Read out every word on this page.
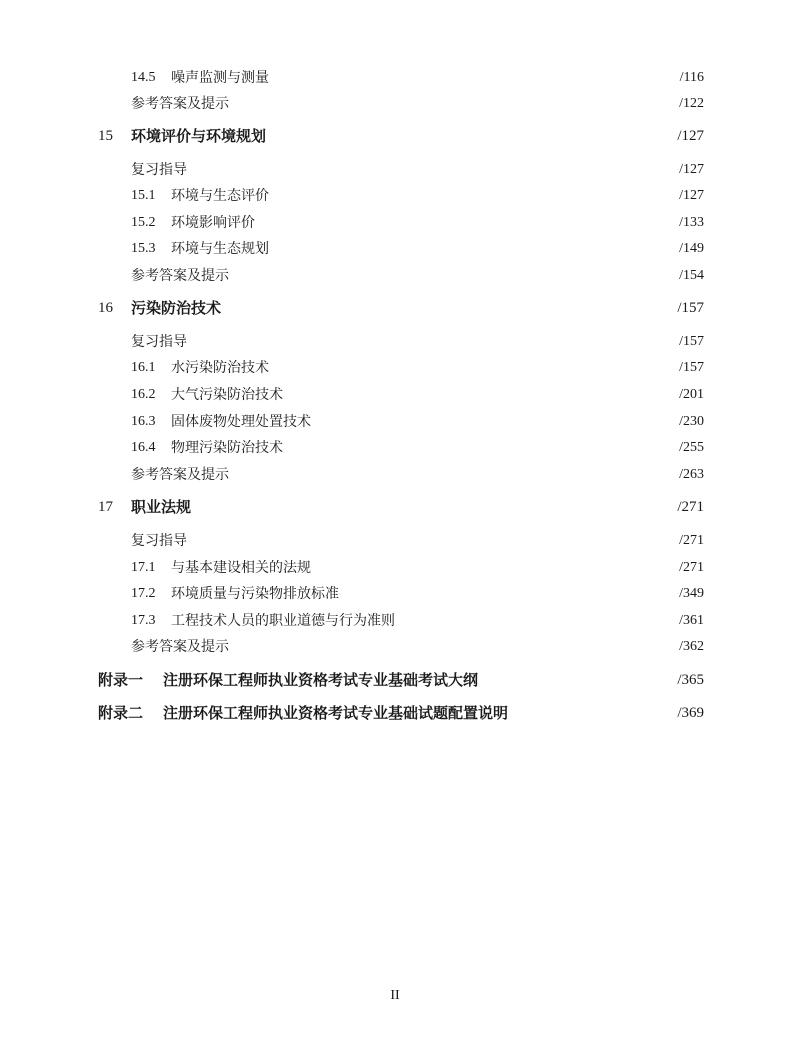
14.5 噪声监测与测量	/116
参考答案及提示	/122
15 环境评价与环境规划	/127
复习指导	/127
15.1 环境与生态评价	/127
15.2 环境影响评价	/133
15.3 环境与生态规划	/149
参考答案及提示	/154
16 污染防治技术	/157
复习指导	/157
16.1 水污染防治技术	/157
16.2 大气污染防治技术	/201
16.3 固体废物处理处置技术	/230
16.4 物理污染防治技术	/255
参考答案及提示	/263
17 职业法规	/271
复习指导	/271
17.1 与基本建设相关的法规	/271
17.2 环境质量与污染物排放标准	/349
17.3 工程技术人员的职业道德与行为准则	/361
参考答案及提示	/362
附录一 注册环保工程师执业资格考试专业基础考试大纲	/365
附录二 注册环保工程师执业资格考试专业基础试题配置说明	/369
II
